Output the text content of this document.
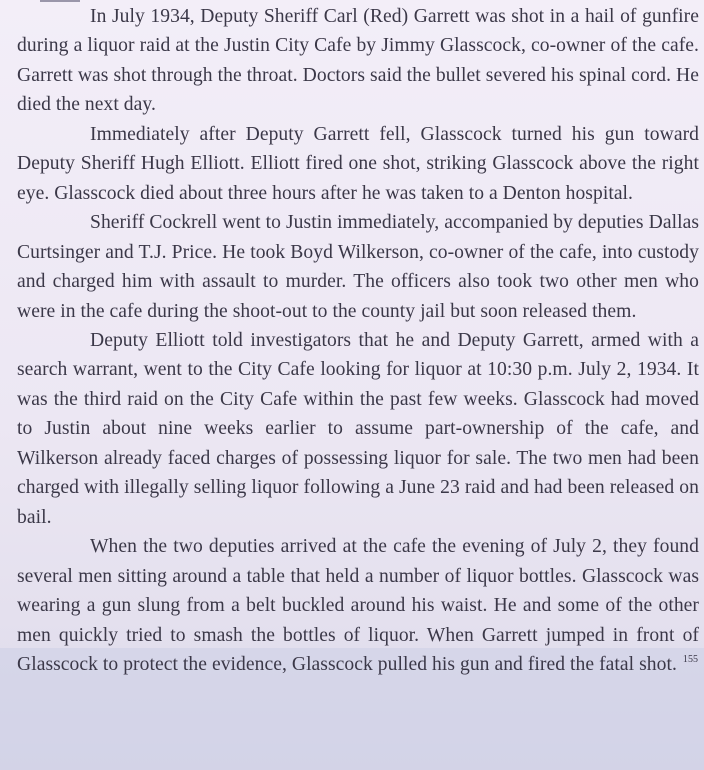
In July 1934, Deputy Sheriff Carl (Red) Garrett was shot in a hail of gunfire during a liquor raid at the Justin City Cafe by Jimmy Glasscock, co-owner of the cafe. Garrett was shot through the throat. Doctors said the bullet severed his spinal cord. He died the next day.

Immediately after Deputy Garrett fell, Glasscock turned his gun toward Deputy Sheriff Hugh Elliott. Elliott fired one shot, striking Glasscock above the right eye. Glasscock died about three hours after he was taken to a Denton hospital.

Sheriff Cockrell went to Justin immediately, accompanied by deputies Dallas Curtsinger and T.J. Price. He took Boyd Wilkerson, co-owner of the cafe, into custody and charged him with assault to murder. The officers also took two other men who were in the cafe during the shoot-out to the county jail but soon released them.

Deputy Elliott told investigators that he and Deputy Garrett, armed with a search warrant, went to the City Cafe looking for liquor at 10:30 p.m. July 2, 1934. It was the third raid on the City Cafe within the past few weeks. Glasscock had moved to Justin about nine weeks earlier to assume part-ownership of the cafe, and Wilkerson already faced charges of possessing liquor for sale. The two men had been charged with illegally selling liquor following a June 23 raid and had been released on bail.

When the two deputies arrived at the cafe the evening of July 2, they found several men sitting around a table that held a number of liquor bottles. Glasscock was wearing a gun slung from a belt buckled around his waist. He and some of the other men quickly tried to smash the bottles of liquor. When Garrett jumped in front of Glasscock to protect the evidence, Glasscock pulled his gun and fired the fatal shot. $^{155}$
